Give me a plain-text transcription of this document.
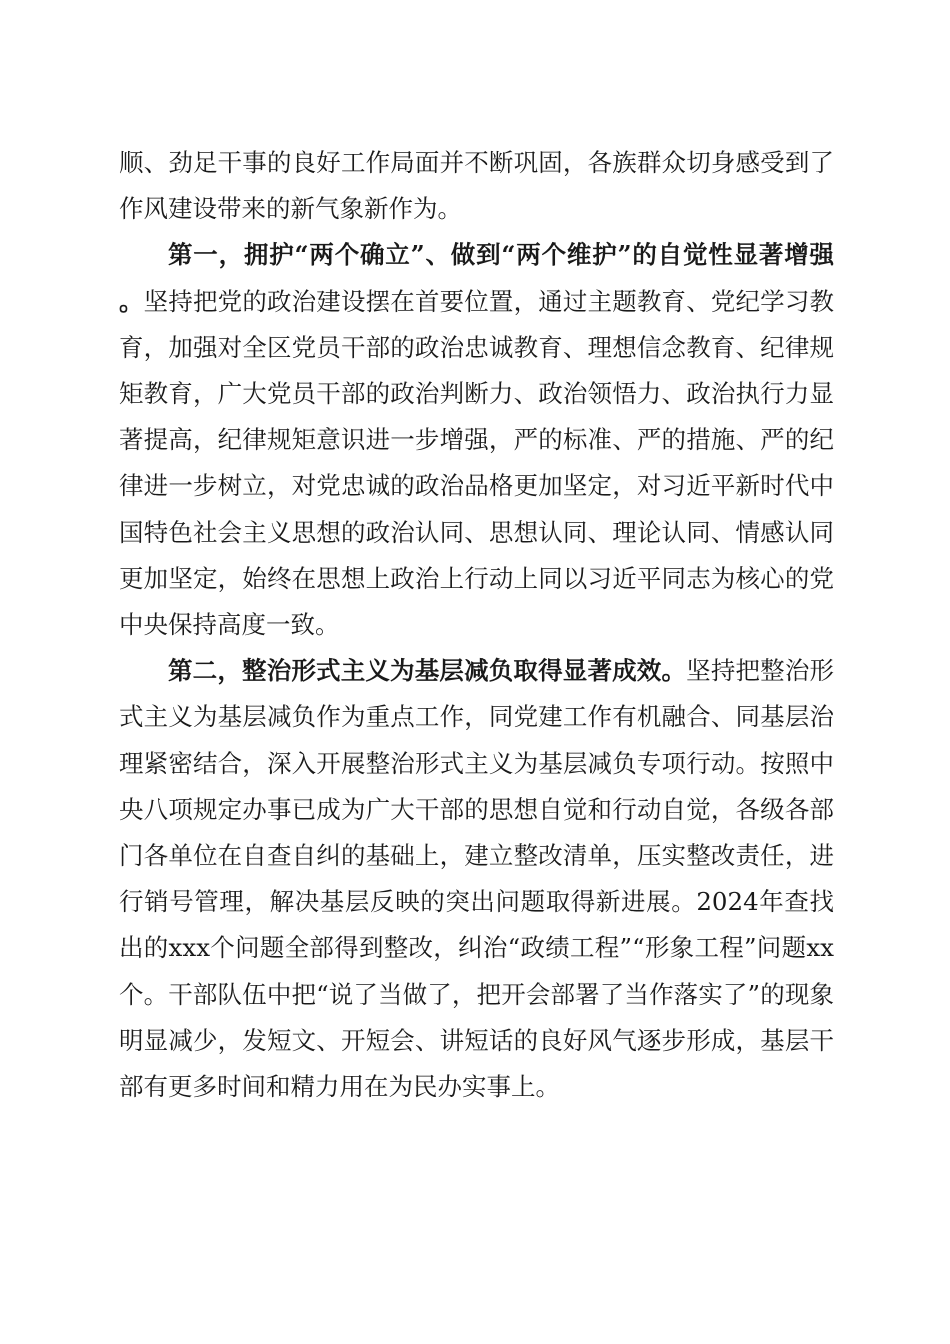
顺、劲足干事的良好工作局面并不断巩固，各族群众切身感受到了作风建设带来的新气象新作为。

第一，拥护“两个确立”、做到“两个维护”的自觉性显著增强。坚持把党的政治建设摆在首要位置，通过主题教育、党纪学习教育，加强对全区党员干部的政治忠诚教育、理想信念教育、纪律规矩教育，广大党员干部的政治判断力、政治领悟力、政治执行力显著提高，纪律规矩意识进一步增强，严的标准、严的措施、严的纪律进一步树立，对党忠诚的政治品格更加坚定，对习近平新时代中国特色社会主义思想的政治认同、思想认同、理论认同、情感认同更加坚定，始终在思想上政治上行动上同以习近平同志为核心的党中央保持高度一致。

第二，整治形式主义为基层减负取得显著成效。坚持把整治形式主义为基层减负作为重点工作，同党建工作有机融合、同基层治理紧密结合，深入开展整治形式主义为基层减负专项行动。按照中央八项规定办事已成为广大干部的思想自觉和行动自觉，各级各部门各单位在自查自纠的基础上，建立整改清单，压实整改责任，进行销号管理，解决基层反映的突出问题取得新进展。2024年查找出的xxx个问题全部得到整改，纠治“政绩工程”“形象工程”问题xx个。干部队伍中把“说了当做了，把开会部署了当作落实了”的现象明显减少，发短文、开短会、讲短话的良好风气逐步形成，基层干部有更多时间和精力用在为民办实事上。
